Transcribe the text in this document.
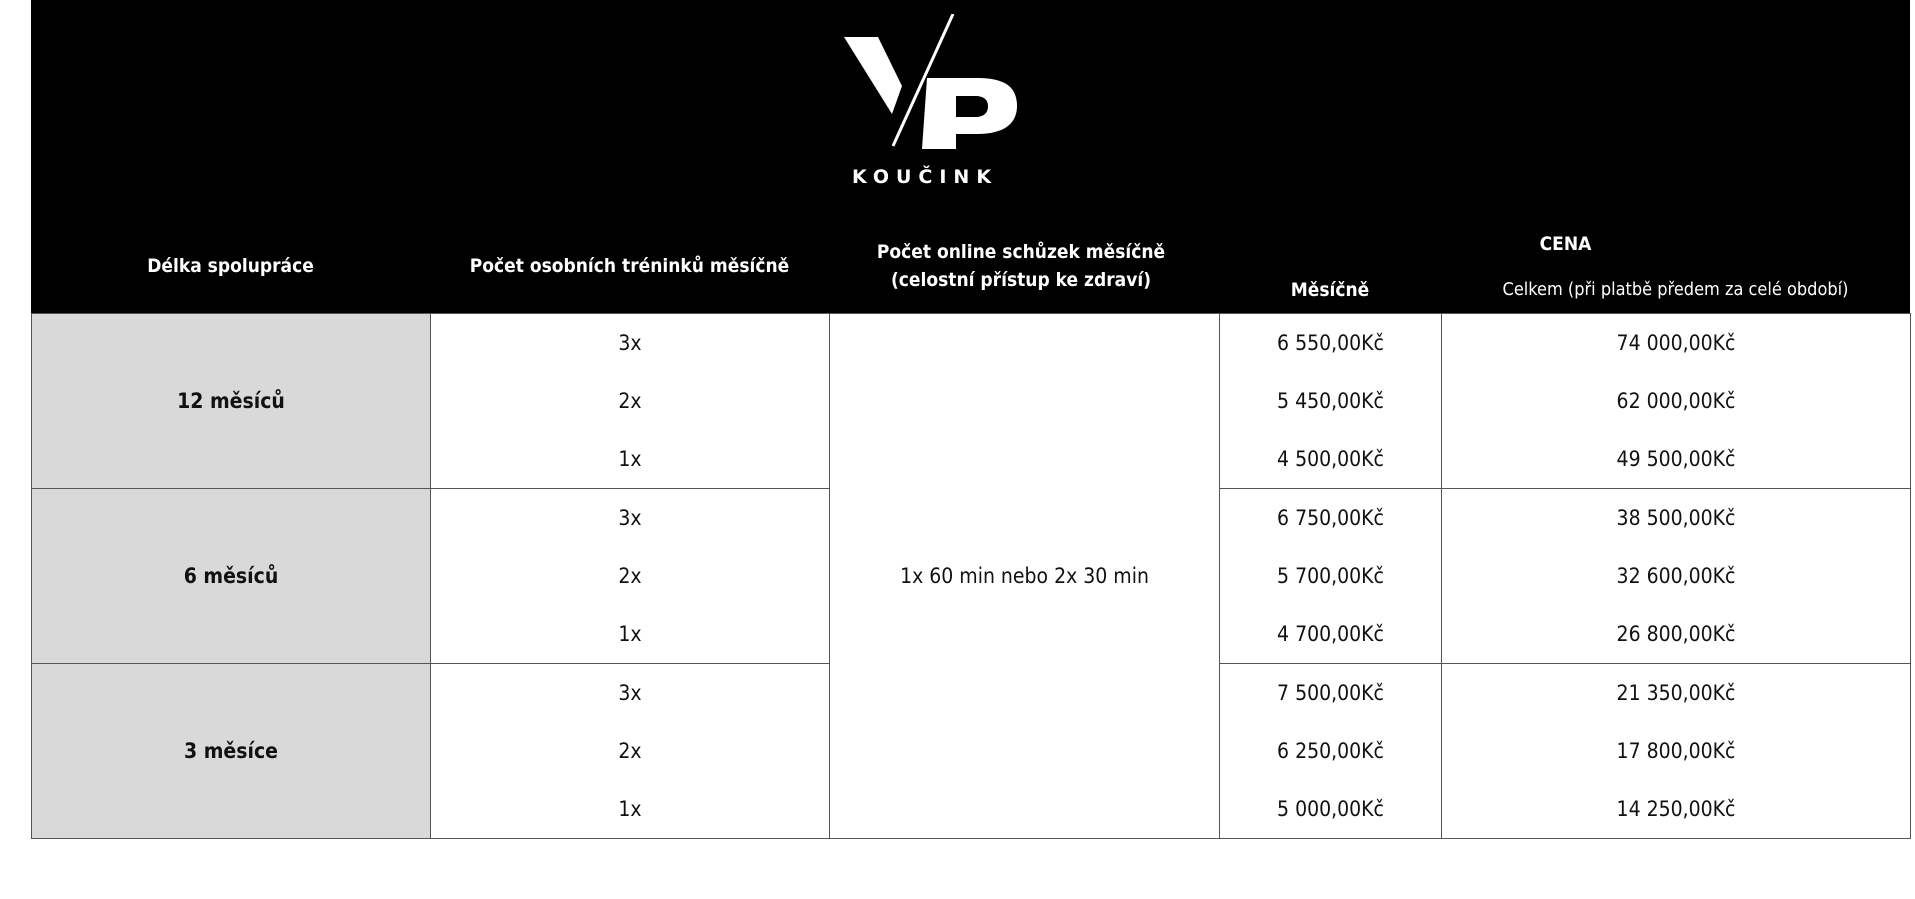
KOUČINK
Délka spolupráce	Počet osobních tréninků měsíčně
Počet online schůzek měsíčně (celostní přístup ke zdraví)
CENA
Měsíčně	Celkem (při platbě předem za celé období)
12 měsíců	3x	1x 60 min nebo 2x 30 min	6 550,00Kč	74 000,00Kč
	2x		5 450,00Kč	62 000,00Kč
	1x		4 500,00Kč	49 500,00Kč
6 měsíců	3x		6 750,00Kč	38 500,00Kč
	2x		5 700,00Kč	32 600,00Kč
	1x		4 700,00Kč	26 800,00Kč
3 měsíce	3x		7 500,00Kč	21 350,00Kč
	2x		6 250,00Kč	17 800,00Kč
	1x		5 000,00Kč	14 250,00Kč
